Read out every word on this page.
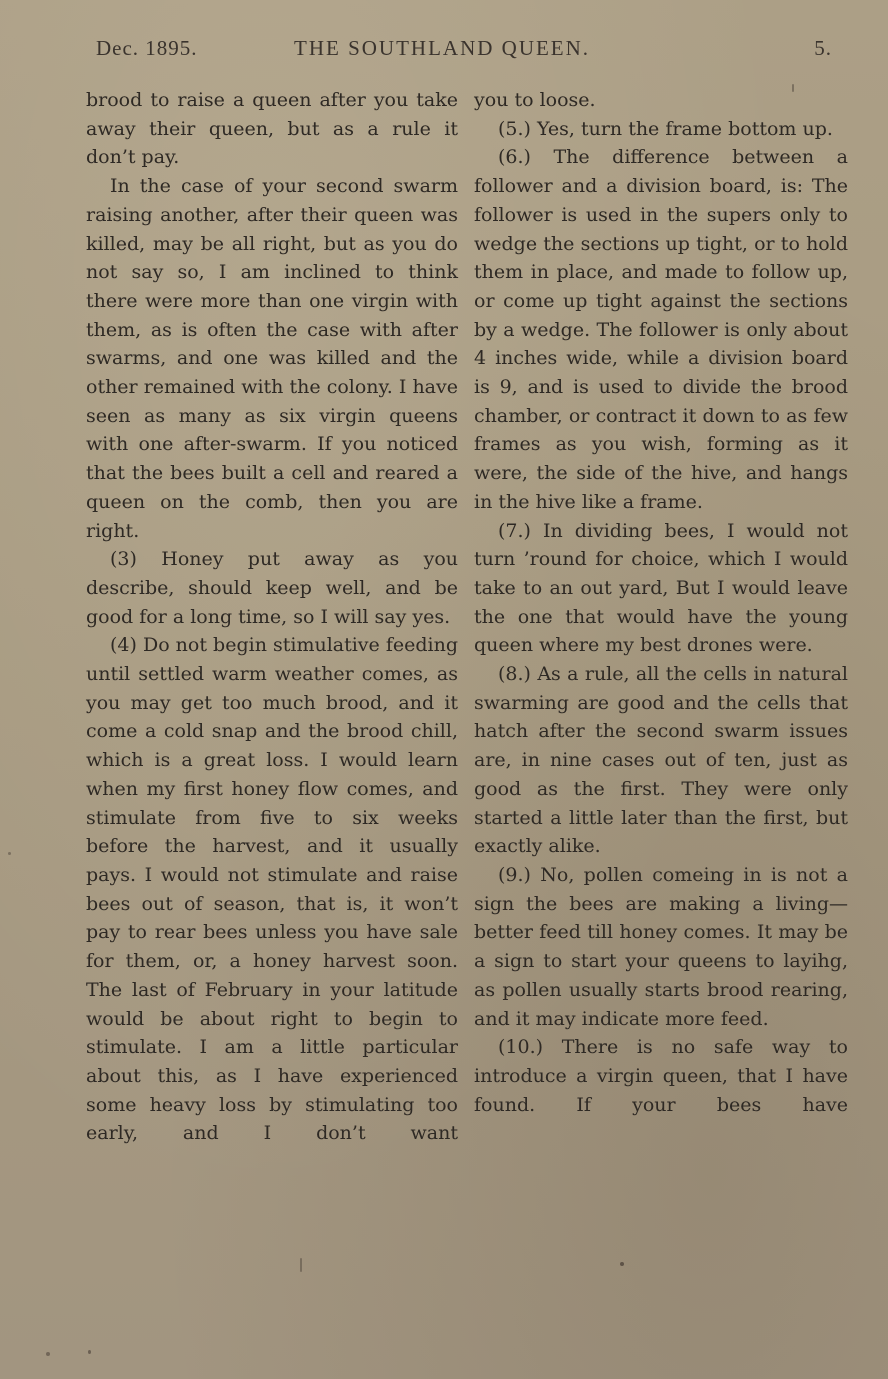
Dec. 1895.	THE SOUTHLAND QUEEN.	5.

brood to raise a queen after you take away their queen, but as a rule it don’t pay.

In the case of your second swarm raising another, after their queen was killed, may be all right, but as you do not say so, I am inclined to think there were more than one virgin with them, as is often the case with after swarms, and one was killed and the other remained with the colony. I have seen as many as six virgin queens with one after-swarm. If you noticed that the bees built a cell and reared a queen on the comb, then you are right.

(3) Honey put away as you describe, should keep well, and be good for a long time, so I will say yes.

(4) Do not begin stimulative feeding until settled warm weather comes, as you may get too much brood, and it come a cold snap and the brood chill, which is a great loss. I would learn when my first honey flow comes, and stimulate from five to six weeks before the harvest, and it usually pays. I would not stimulate and raise bees out of season, that is, it won’t pay to rear bees unless you have sale for them, or, a honey harvest soon. The last of February in your latitude would be about right to begin to stimulate. I am a little particular about this, as I have experienced some heavy loss by stimulating too early, and I don’t want

you to loose.

(5.) Yes, turn the frame bottom up.

(6.) The difference between a follower and a division board, is: The follower is used in the supers only to wedge the sections up tight, or to hold them in place, and made to follow up, or come up tight against the sections by a wedge. The follower is only about 4 inches wide, while a division board is 9, and is used to divide the brood chamber, or contract it down to as few frames as you wish, forming as it were, the side of the hive, and hangs in the hive like a frame.

(7.) In dividing bees, I would not turn ’round for choice, which I would take to an out yard, But I would leave the one that would have the young queen where my best drones were.

(8.) As a rule, all the cells in natural swarming are good and the cells that hatch after the second swarm issues are, in nine cases out of ten, just as good as the first. They were only started a little later than the first, but exactly alike.

(9.) No, pollen comeing in is not a sign the bees are making a living—better feed till honey comes. It may be a sign to start your queens to layihg, as pollen usually starts brood rearing, and it may indicate more feed.

(10.) There is no safe way to introduce a virgin queen, that I have found. If your bees have
